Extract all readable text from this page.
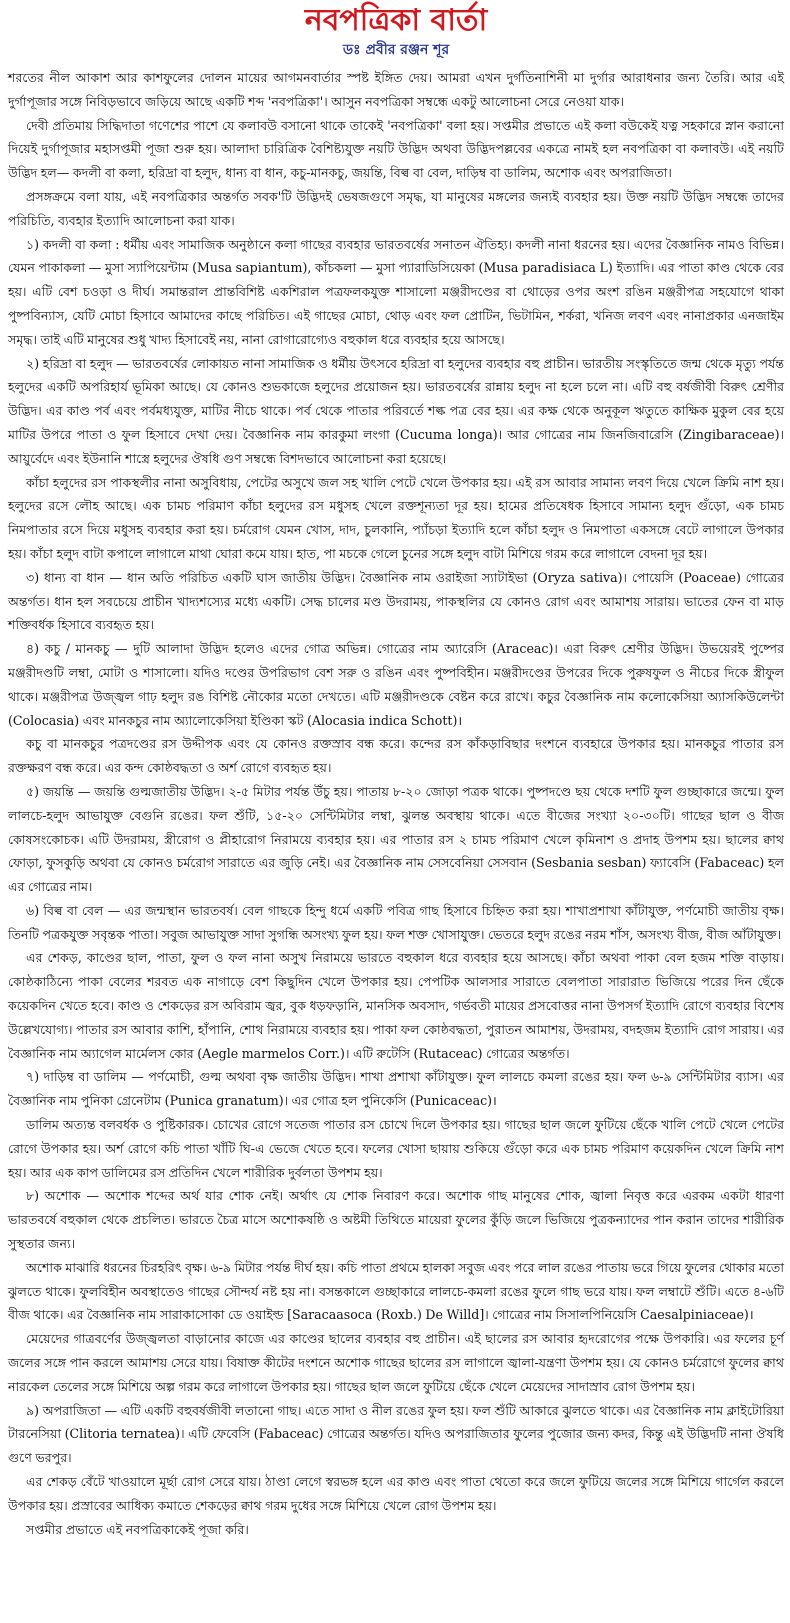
নবপত্রিকা বার্তা
ডঃ প্রবীর রঞ্জন শূর

শরতের নীল আকাশ আর কাশফুলের দোলন মায়ের আগমনবার্তার স্পষ্ট ইঙ্গিত দেয়। আমরা এখন দুর্গতিনাশিনী মা দুর্গার আরাধনার জন্য তৈরি। আর এই দুর্গাপূজার সঙ্গে নিবিড়ভাবে জড়িয়ে আছে একটি শব্দ 'নবপত্রিকা'। আসুন নবপত্রিকা সম্বন্ধে একটু আলোচনা সেরে নেওয়া যাক।

দেবী প্রতিমায় সিদ্ধিদাতা গণেশের পাশে যে কলাবউ বসানো থাকে তাকেই 'নবপত্রিকা' বলা হয়। সপ্তমীর প্রভাতে এই কলা বউকেই যত্ন সহকারে স্নান করানো দিয়েই দুর্গাপূজার মহাসপ্তমী পূজা শুরু হয়। আলাদা চারিত্রিক বৈশিষ্ট্যযুক্ত নয়টি উদ্ভিদ অথবা উদ্ভিদপল্লবের একত্রে নামই হল নবপত্রিকা বা কলাবউ। এই নয়টি উদ্ভিদ হল— কদলী বা কলা, হরিদ্রা বা হলুদ, ধান্য বা ধান, কচু-মানকচু, জয়ন্তি, বিল্ব বা বেল, দাড়িম্ব বা ডালিম, অশোক এবং অপরাজিতা।

প্রসঙ্গক্রমে বলা যায়, এই নবপত্রিকার অন্তর্গত সবক'টি উদ্ভিদই ভেষজগুণে সমৃদ্ধ, যা মানুষের মঙ্গলের জন্যই ব্যবহার হয়। উক্ত নয়টি উদ্ভিদ সম্বন্ধে তাদের পরিচিতি, ব্যবহার ইত্যাদি আলোচনা করা যাক।

১) কদলী বা কলা : ধর্মীয় এবং সামাজিক অনুষ্ঠানে কলা গাছের ব্যবহার ভারতবর্ষের সনাতন ঐতিহ্য। কদলী নানা ধরনের হয়। এদের বৈজ্ঞানিক নামও বিভিন্ন। যেমন পাকাকলা — মুসা স্যাপিয়েন্টাম (Musa sapiantum), কাঁচকলা — মুসা প্যারাডিসিয়েকা (Musa paradisiaca L) ইত্যাদি। এর পাতা কাণ্ড থেকে বের হয়। এটি বেশ চওড়া ও দীর্ঘ। সমান্তরাল প্রান্তবিশিষ্ট একশিরাল পত্রফলকযুক্ত শাসালো মঞ্জরীদণ্ডের বা থোড়ের ওপর অংশ রঙিন মঞ্জরীপত্র সহযোগে থাকা পুষ্পবিন্যাস, যেটি মোচা হিসাবে আমাদের কাছে পরিচিত। এই গাছের মোচা, থোড় এবং ফল প্রোটিন, ভিটামিন, শর্করা, খনিজ লবণ এবং নানাপ্রকার এনজাইম সমৃদ্ধ। তাই এটি মানুষের শুধু খাদ্য হিসাবেই নয়, নানা রোগারোগ্যেও বহুকাল ধরে ব্যবহার হয়ে আসছে।

২) হরিদ্রা বা হলুদ — ভারতবর্ষের লোকায়ত নানা সামাজিক ও ধর্মীয় উৎসবে হরিদ্রা বা হলুদের ব্যবহার বহু প্রাচীন। ভারতীয় সংস্কৃতিতে জন্ম থেকে মৃত্যু পর্যন্ত হলুদের একটি অপরিহার্য ভূমিকা আছে। যে কোনও শুভকাজে হলুদের প্রয়োজন হয়। ভারতবর্ষের রান্নায় হলুদ না হলে চলে না। এটি বহু বর্ষজীবী বিরুৎ শ্রেণীর উদ্ভিদ। এর কাণ্ড পর্ব এবং পর্বমধ্যযুক্ত, মাটির নীচে থাকে। পর্ব থেকে পাতার পরিবর্তে শল্ক পত্র বের হয়। এর কক্ষ থেকে অনুকূল ঋতুতে কাক্ষিক মুকুল বের হয়ে মাটির উপরে পাতা ও ফুল হিসাবে দেখা দেয়। বৈজ্ঞানিক নাম কারকুমা লংগা (Cucuma longa)। আর গোত্রের নাম জিনজিবারেসি (Zingibaraceae)। আয়ুর্বেদে এবং ইউনানি শাস্ত্রে হলুদের ঔষধি গুণ সম্বন্ধে বিশদভাবে আলোচনা করা হয়েছে।

কাঁচা হলুদের রস পাকস্থলীর নানা অসুবিধায়, পেটের অসুখে জল সহ খালি পেটে খেলে উপকার হয়। এই রস আবার সামান্য লবণ দিয়ে খেলে ক্রিমি নাশ হয়। হলুদের রসে লৌহ আছে। এক চামচ পরিমাণ কাঁচা হলুদের রস মধুসহ খেলে রক্তশূন্যতা দূর হয়। হামের প্রতিষেধক হিসাবে সামান্য হলুদ গুঁড়ো, এক চামচ নিমপাতার রসে দিয়ে মধুসহ ব্যবহার করা হয়। চর্মরোগ যেমন খোস, দাদ, চুলকানি, প্যাঁচড়া ইত্যাদি হলে কাঁচা হলুদ ও নিমপাতা একসঙ্গে বেটে লাগালে উপকার হয়। কাঁচা হলুদ বাটা কপালে লাগালে মাথা ঘোরা কমে যায়। হাত, পা মচকে গেলে চুনের সঙ্গে হলুদ বাটা মিশিয়ে গরম করে লাগালে বেদনা দূর হয়।

৩) ধান্য বা ধান — ধান অতি পরিচিত একটি ঘাস জাতীয় উদ্ভিদ। বৈজ্ঞানিক নাম ওরাইজা স্যাটাইভা (Oryza sativa)। পোয়েসি (Poaceae) গোত্রের অন্তর্গত। ধান হল সবচেয়ে প্রাচীন খাদ্যশস্যের মধ্যে একটি। সেদ্ধ চালের মণ্ড উদরাময়, পাকস্থলির যে কোনও রোগ এবং আমাশয় সারায়। ভাতের ফেন বা মাড় শক্তিবর্ধক হিসাবে ব্যবহৃত হয়।

৪) কচু / মানকচু — দুটি আলাদা উদ্ভিদ হলেও এদের গোত্র অভিন্ন। গোত্রের নাম অ্যারেসি (Araceac)। এরা বিরুৎ শ্রেণীর উদ্ভিদ। উভয়েরই পুষ্পের মঞ্জরীদণ্ডটি লম্বা, মোটা ও শাসালো। যদিও দণ্ডের উপরিভাগ বেশ সরু ও রঙিন এবং পুষ্পবিহীন। মঞ্জরীদণ্ডের উপরের দিকে পুরুষফুল ও নীচের দিকে স্ত্রীফুল থাকে। মঞ্জরীপত্র উজ্জ্বল গাঢ় হলুদ রঙ বিশিষ্ট নৌকোর মতো দেখতে। এটি মঞ্জরীদণ্ডকে বেষ্টন করে রাখে। কচুর বৈজ্ঞানিক নাম কলোকেসিয়া অ্যাসকিউলেন্টা (Colocasia) এবং মানকচুর নাম অ্যালোকেসিয়া ইণ্ডিকা স্কট (Alocasia indica Schott)।

কচু বা মানকচুর পত্রদণ্ডের রস উদ্দীপক এবং যে কোনও রক্তস্রাব বন্ধ করে। কন্দের রস কাঁকড়াবিছার দংশনে ব্যবহারে উপকার হয়। মানকচুর পাতার রস রক্তক্ষরণ বন্ধ করে। এর কন্দ কোষ্ঠবদ্ধতা ও অর্শ রোগে ব্যবহৃত হয়।

৫) জয়ন্তি — জয়ন্তি গুল্মজাতীয় উদ্ভিদ। ২-৫ মিটার পর্যন্ত উঁচু হয়। পাতায় ৮-২০ জোড়া পত্রক থাকে। পুষ্পদণ্ডে ছয় থেকে দশটি ফুল গুচ্ছাকারে জন্মে। ফুল লালচে-হলুদ আভাযুক্ত বেগুনি রঙের। ফল শুঁটি, ১৫-২০ সেন্টিমিটার লম্বা, ঝুলন্ত অবস্থায় থাকে। এতে বীজের সংখ্যা ২০-৩০টি। গাছের ছাল ও বীজ কোষসংকোচক। এটি উদরাময়, স্ত্রীরোগ ও প্লীহারোগ নিরাময়ে ব্যবহার হয়। এর পাতার রস ২ চামচ পরিমাণ খেলে কৃমিনাশ ও প্রদাহ উপশম হয়। ছালের ক্বাথ ফোড়া, ফুসকুড়ি অথবা যে কোনও চর্মরোগ সারাতে এর জুড়ি নেই। এর বৈজ্ঞানিক নাম সেসবেনিয়া সেসবান (Sesbania sesban) ফ্যাবেসি (Fabaceac) হল এর গোত্রের নাম।

৬) বিল্ব বা বেল — এর জন্মস্থান ভারতবর্ষ। বেল গাছকে হিন্দু ধর্মে একটি পবিত্র গাছ হিসাবে চিহ্নিত করা হয়। শাখাপ্রশাখা কাঁটাযুক্ত, পর্ণমোচী জাতীয় বৃক্ষ। তিনটি পত্রকযুক্ত সবৃন্তক পাতা। সবুজ আভাযুক্ত সাদা সুগন্ধি অসংখ্য ফুল হয়। ফল শক্ত খোসাযুক্ত। ভেতরে হলুদ রঙের নরম শাঁস, অসংখ্য বীজ, বীজ আঁটাযুক্ত।

এর শেকড়, কাণ্ডের ছাল, পাতা, ফুল ও ফল নানা অসুখ নিরাময়ে ভারতে বহুকাল ধরে ব্যবহার হয়ে আসছে। কাঁচা অথবা পাকা বেল হজম শক্তি বাড়ায়। কোষ্ঠকাঠিন্যে পাকা বেলের শরবত এক নাগাড়ে বেশ কিছুদিন খেলে উপকার হয়। পেপটিক আলসার সারাতে বেলপাতা সারারাত ভিজিয়ে পরের দিন ছেঁকে কয়েকদিন খেতে হবে। কাণ্ড ও শেকড়ের রস অবিরাম জ্বর, বুক ধড়ফড়ানি, মানসিক অবসাদ, গর্ভবতী মায়ের প্রসবোত্তর নানা উপসর্গ ইত্যাদি রোগে ব্যবহার বিশেষ উল্লেখযোগ্য। পাতার রস আবার কাশি, হাঁপানি, শোথ নিরাময়ে ব্যবহার হয়। পাকা ফল কোষ্ঠবদ্ধতা, পুরাতন আমাশয়, উদরাময়, বদহজম ইত্যাদি রোগ সারায়। এর বৈজ্ঞানিক নাম অ্যাগেল মার্মেলস কোর (Aegle marmelos Corr.)। এটি রুটেসি (Rutaceac) গোত্রের অন্তর্গত।

৭) দাড়িম্ব বা ডালিম — পর্ণমোচী, গুল্ম অথবা বৃক্ষ জাতীয় উদ্ভিদ। শাখা প্রশাখা কাঁটাযুক্ত। ফুল লালচে কমলা রঙের হয়। ফল ৬-৯ সেন্টিমিটার ব্যাস। এর বৈজ্ঞানিক নাম পুনিকা গ্রেনেটাম (Punica granatum)। এর গোত্র হল পুনিকেসি (Punicaceac)।

ডালিম অত্যন্ত বলবর্ধক ও পুষ্টিকারক। চোখের রোগে সতেজ পাতার রস চোখে দিলে উপকার হয়। গাছের ছাল জলে ফুটিয়ে ছেঁকে খালি পেটে খেলে পেটের রোগে উপকার হয়। অর্শ রোগে কচি পাতা খাঁটি ঘি-এ ভেজে খেতে হবে। ফলের খোসা ছায়ায় শুকিয়ে গুঁড়ো করে এক চামচ পরিমাণ কয়েকদিন খেলে ক্রিমি নাশ হয়। আর এক কাপ ডালিমের রস প্রতিদিন খেলে শারীরিক দুর্বলতা উপশম হয়।

৮) অশোক — অশোক শব্দের অর্থ যার শোক নেই। অর্থাৎ যে শোক নিবারণ করে। অশোক গাছ মানুষের শোক, জ্বালা নিবৃত্ত করে এরকম একটা ধারণা ভারতবর্ষে বহুকাল থেকে প্রচলিত। ভারতে চৈত্র মাসে অশোকষষ্ঠি ও অষ্টমী তিথিতে মায়েরা ফুলের কুঁড়ি জলে ভিজিয়ে পুত্রকন্যাদের পান করান তাদের শারীরিক সুস্থতার জন্য।

অশোক মাঝারি ধরনের চিরহরিৎ বৃক্ষ। ৬-৯ মিটার পর্যন্ত দীর্ঘ হয়। কচি পাতা প্রথমে হালকা সবুজ এবং পরে লাল রঙের পাতায় ভরে গিয়ে ফুলের থোকার মতো ঝুলতে থাকে। ফুলবিহীন অবস্থাতেও গাছের সৌন্দর্য নষ্ট হয় না। বসন্তকালে গুচ্ছাকারে লালচে-কমলা রঙের ফুলে গাছ ভরে যায়। ফল লম্বাটে শুঁটি। এতে ৪-৬টি বীজ থাকে। এর বৈজ্ঞানিক নাম সারাকাসোকা ডে ওয়াইল্ড [Saracaasoca (Roxb.) De Willd]। গোত্রের নাম সিসালপিনিয়েসি Caesalpiniaceae)।

মেয়েদের গাত্রবর্ণের উজ্জ্বলতা বাড়ানোর কাজে এর কাণ্ডের ছালের ব্যবহার বহু প্রাচীন। এই ছালের রস আবার হৃদরোগের পক্ষে উপকারি। এর ফলের চূর্ণ জলের সঙ্গে পান করলে আমাশয় সেরে যায়। বিষাক্ত কীটের দংশনে অশোক গাছের ছালের রস লাগালে জ্বালা-যন্ত্রণা উপশম হয়। যে কোনও চর্মরোগে ফুলের ক্বাথ নারকেল তেলের সঙ্গে মিশিয়ে অল্প গরম করে লাগালে উপকার হয়। গাছের ছাল জলে ফুটিয়ে ছেঁকে খেলে মেয়েদের সাদাস্রাব রোগ উপশম হয়।

৯) অপরাজিতা — এটি একটি বহুবর্ষজীবী লতানো গাছ। এতে সাদা ও নীল রঙের ফুল হয়। ফল শুঁটি আকারে ঝুলতে থাকে। এর বৈজ্ঞানিক নাম ক্লাইটোরিয়া টারনেসিয়া (Clitoria ternatea)। এটি ফেবেসি (Fabaceac) গোত্রের অন্তর্গত। যদিও অপরাজিতার ফুলের পুজোর জন্য কদর, কিন্তু এই উদ্ভিদটি নানা ঔষধি গুণে ভরপুর।

এর শেকড় বেঁটে খাওয়ালে মূর্ছা রোগ সেরে যায়। ঠাণ্ডা লেগে স্বরভঙ্গ হলে এর কাণ্ড এবং পাতা থেতো করে জলে ফুটিয়ে জলের সঙ্গে মিশিয়ে গার্গেল করলে উপকার হয়। প্রস্রাবের আধিক্য কমাতে শেকড়ের ক্বাথ গরম দুধের সঙ্গে মিশিয়ে খেলে রোগ উপশম হয়।

সপ্তমীর প্রভাতে এই নবপত্রিকাকেই পূজা করি।
